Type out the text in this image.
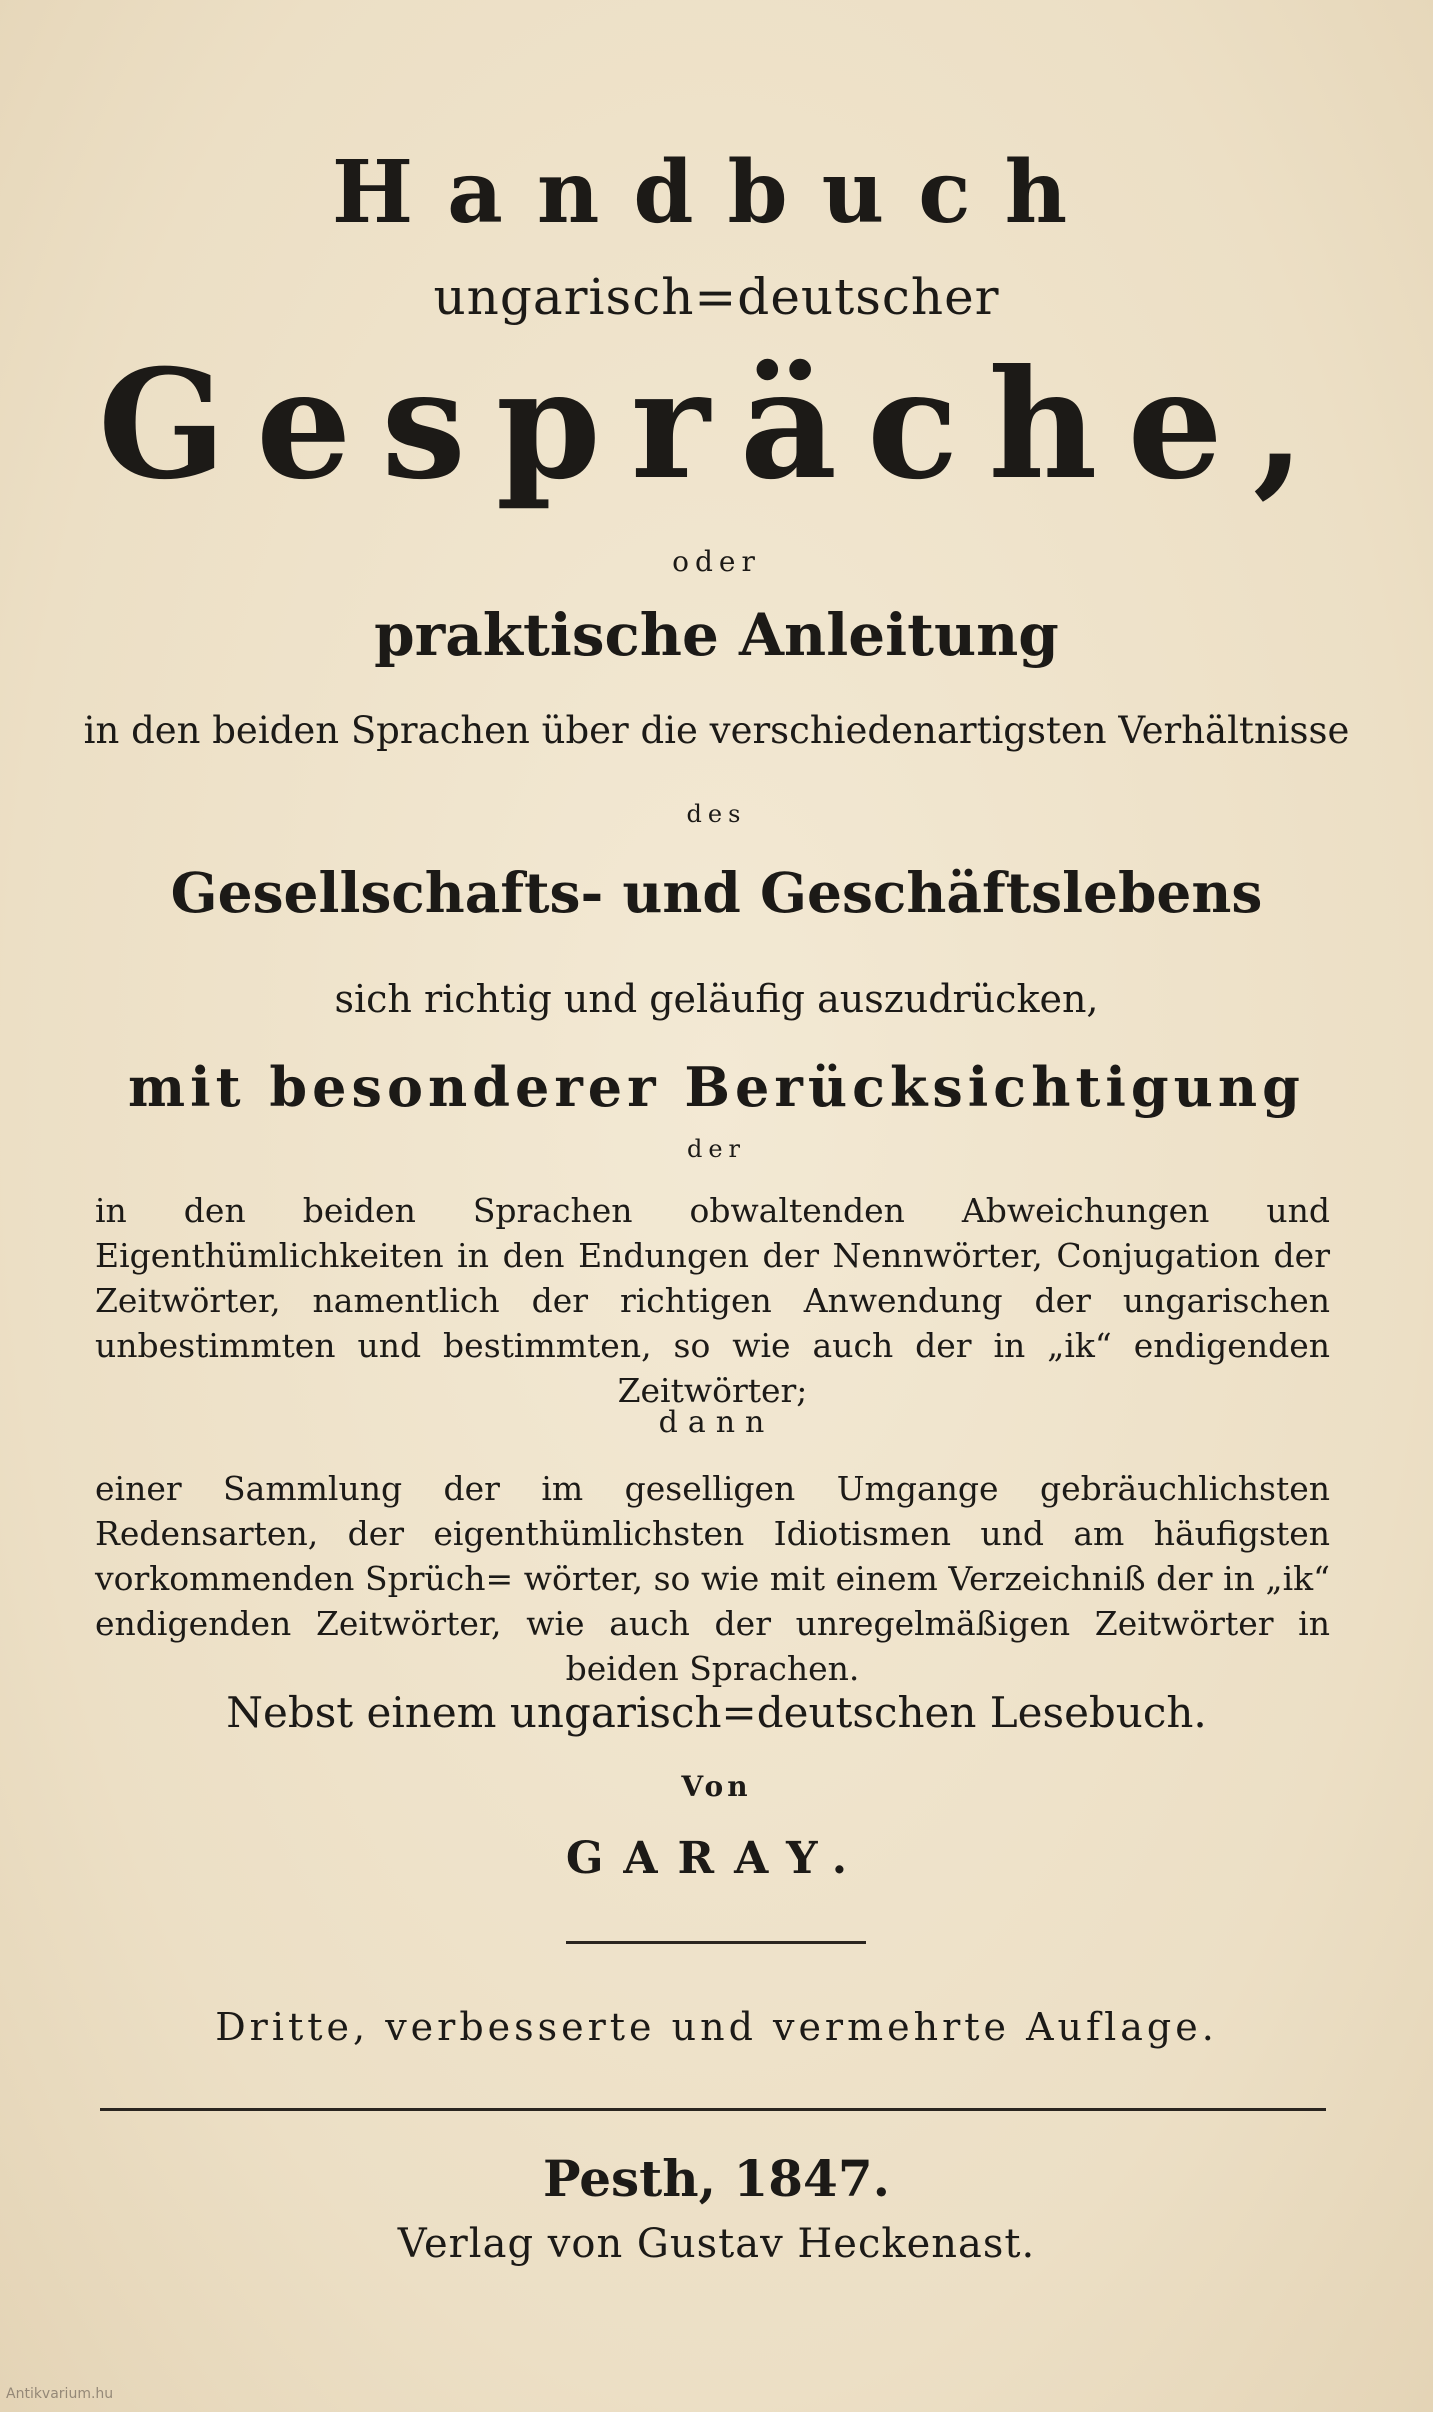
Handbuch
ungarisch=deutscher
Gespräche,
oder
praktische Anleitung
in den beiden Sprachen über die verschiedenartigsten Verhältnisse
des
Gesellschafts- und Geschäftslebens
sich richtig und geläufig auszudrücken,
mit besonderer Berücksichtigung
der
in den beiden Sprachen obwaltenden Abweichungen und Eigenthümlichkeiten in den Endungen der Nennwörter, Conjugation der Zeitwörter, namentlich der richtigen Anwendung der ungarischen unbestimmten und bestimmten, so wie auch der in „ik“ endigenden Zeitwörter;
dann
einer Sammlung der im geselligen Umgange gebräuchlichsten Redensarten, der eigenthümlichsten Idiotismen und am häufigsten vorkommenden Sprüch= wörter, so wie mit einem Verzeichniß der in „ik“ endigenden Zeitwörter, wie auch der unregelmäßigen Zeitwörter in beiden Sprachen.
Nebst einem ungarisch=deutschen Lesebuch.
Von
GARAY.
Dritte, verbesserte und vermehrte Auflage.
Pesth, 1847.
Verlag von Gustav Heckenast.
Antikvarium.hu
